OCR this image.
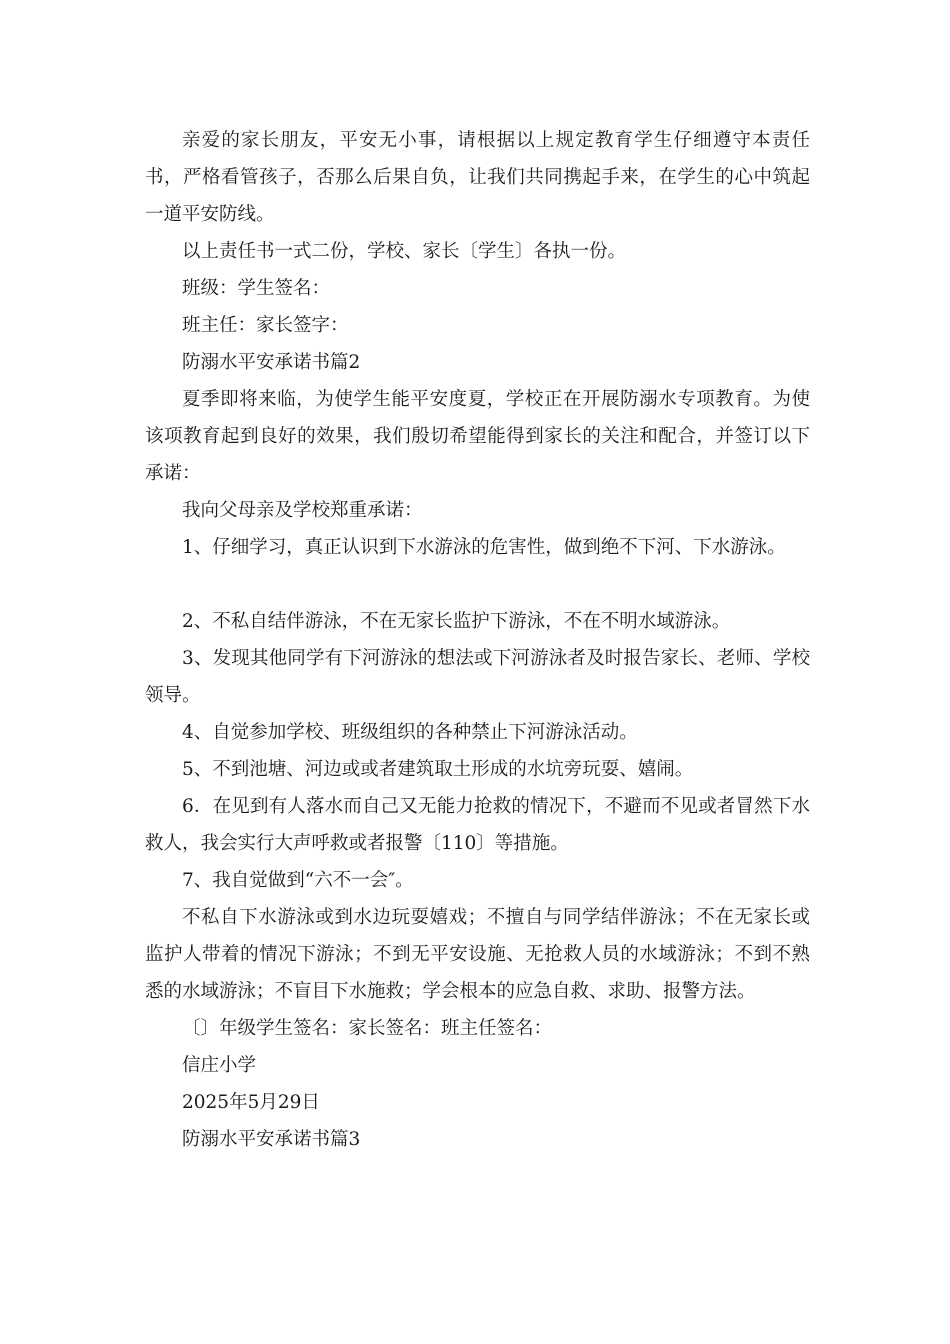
亲爱的家长朋友，平安无小事，请根据以上规定教育学生仔细遵守本责任书，严格看管孩子，否那么后果自负，让我们共同携起手来，在学生的心中筑起一道平安防线。

以上责任书一式二份，学校、家长〔学生〕各执一份。

班级：学生签名：

班主任：家长签字：

防溺水平安承诺书篇2

夏季即将来临，为使学生能平安度夏，学校正在开展防溺水专项教育。为使该项教育起到良好的效果，我们殷切希望能得到家长的关注和配合，并签订以下承诺：

我向父母亲及学校郑重承诺：

1、仔细学习，真正认识到下水游泳的危害性，做到绝不下河、下水游泳。

2、不私自结伴游泳，不在无家长监护下游泳，不在不明水域游泳。

3、发现其他同学有下河游泳的想法或下河游泳者及时报告家长、老师、学校领导。

4、自觉参加学校、班级组织的各种禁止下河游泳活动。

5、不到池塘、河边或或者建筑取土形成的水坑旁玩耍、嬉闹。

6．在见到有人落水而自己又无能力抢救的情况下，不避而不见或者冒然下水救人，我会实行大声呼救或者报警〔110〕等措施。

7、我自觉做到“六不一会″。

不私自下水游泳或到水边玩耍嬉戏；不擅自与同学结伴游泳；不在无家长或监护人带着的情况下游泳；不到无平安设施、无抢救人员的水域游泳；不到不熟悉的水域游泳；不盲目下水施救；学会根本的应急自救、求助、报警方法。

〔〕年级学生签名：家长签名：班主任签名：

信庄小学

2025年5月29日

防溺水平安承诺书篇3
